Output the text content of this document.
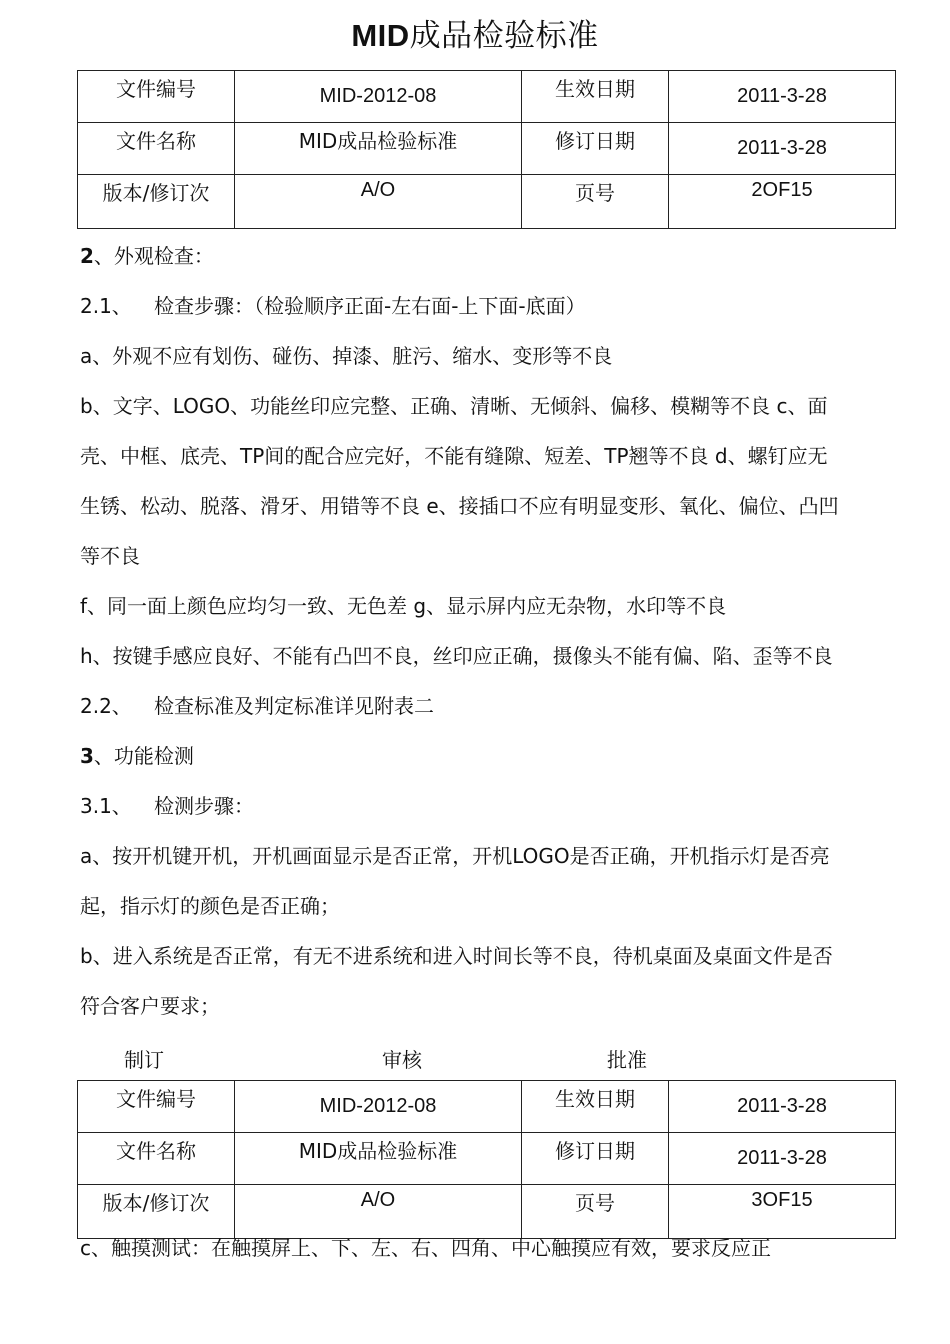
MID成品检验标准
文件编号	MID-2012-08	生效日期	2011-3-28
文件名称	MID成品检验标准	修订日期	2011-3-28
版本/修订次	A/O	页号	2OF15
2、外观检查：
2.1、 检查步骤：（检验顺序正面-左右面-上下面-底面）
a、外观不应有划伤、碰伤、掉漆、脏污、缩水、变形等不良
b、文字、LOGO、功能丝印应完整、正确、清晰、无倾斜、偏移、模糊等不良 c、面
壳、中框、底壳、TP间的配合应完好，不能有缝隙、短差、TP翘等不良 d、螺钉应无
生锈、松动、脱落、滑牙、用错等不良 e、接插口不应有明显变形、氧化、偏位、凸凹
等不良
f、同一面上颜色应均匀一致、无色差 g、显示屏内应无杂物，水印等不良
h、按键手感应良好、不能有凸凹不良，丝印应正确，摄像头不能有偏、陷、歪等不良
2.2、 检查标准及判定标准详见附表二
3、功能检测
3.1、 检测步骤：
a、按开机键开机，开机画面显示是否正常，开机LOGO是否正确，开机指示灯是否亮
起，指示灯的颜色是否正确；
b、进入系统是否正常，有无不进系统和进入时间长等不良，待机桌面及桌面文件是否
符合客户要求；
制订	审核	批准
文件编号	MID-2012-08	生效日期	2011-3-28
文件名称	MID成品检验标准	修订日期	2011-3-28
版本/修订次	A/O	页号	3OF15
c、触摸测试：在触摸屏上、下、左、右、四角、中心触摸应有效，要求反应正
